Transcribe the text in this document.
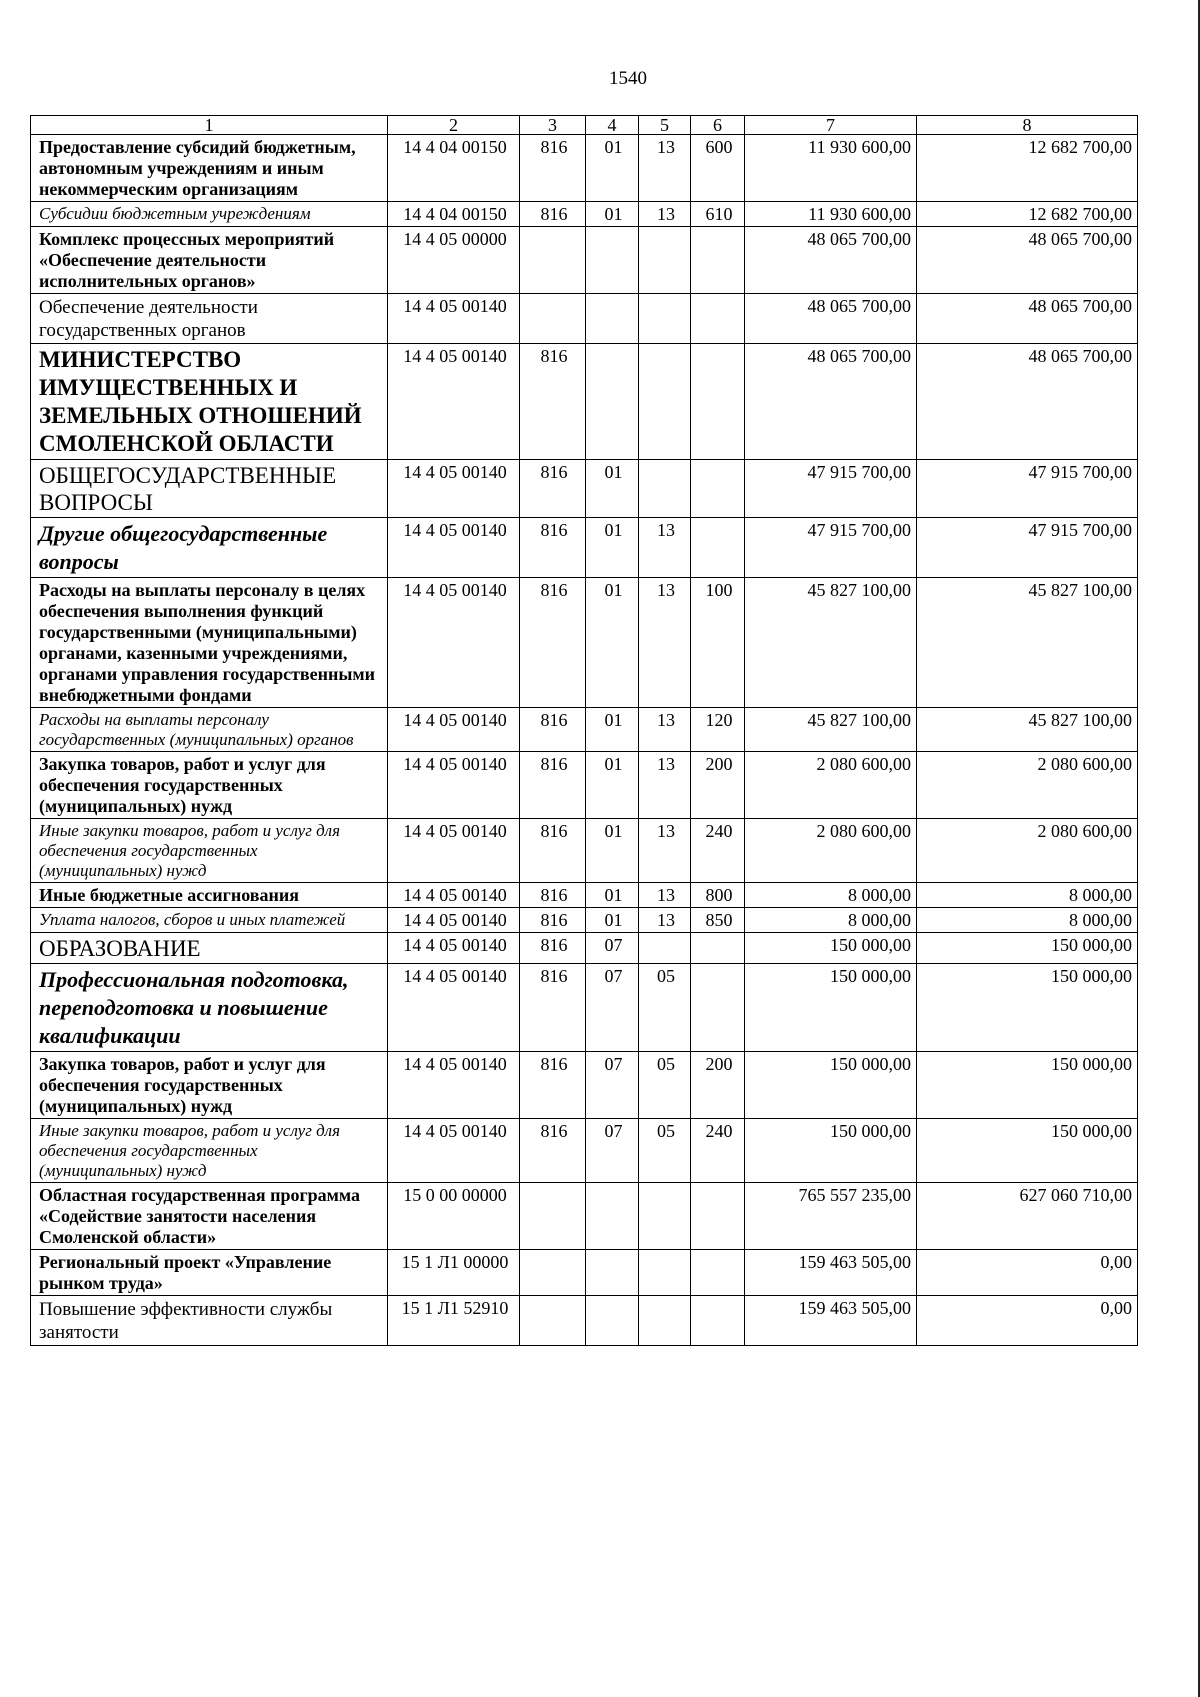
1540
1	2	3	4	5	6	7	8
Предоставление субсидий бюджетным, автономным учреждениям и иным некоммерческим организациям	14 4 04 00150	816	01	13	600	11 930 600,00	12 682 700,00
Субсидии бюджетным учреждениям	14 4 04 00150	816	01	13	610	11 930 600,00	12 682 700,00
Комплекс процессных мероприятий «Обеспечение деятельности исполнительных органов»	14 4 05 00000					48 065 700,00	48 065 700,00
Обеспечение деятельности государственных органов	14 4 05 00140					48 065 700,00	48 065 700,00
МИНИСТЕРСТВО ИМУЩЕСТВЕННЫХ И ЗЕМЕЛЬНЫХ ОТНОШЕНИЙ СМОЛЕНСКОЙ ОБЛАСТИ	14 4 05 00140	816				48 065 700,00	48 065 700,00
ОБЩЕГОСУДАРСТВЕННЫЕ ВОПРОСЫ	14 4 05 00140	816	01			47 915 700,00	47 915 700,00
Другие общегосударственные вопросы	14 4 05 00140	816	01	13		47 915 700,00	47 915 700,00
Расходы на выплаты персоналу в целях обеспечения выполнения функций государственными (муниципальными) органами, казенными учреждениями, органами управления государственными внебюджетными фондами	14 4 05 00140	816	01	13	100	45 827 100,00	45 827 100,00
Расходы на выплаты персоналу государственных (муниципальных) органов	14 4 05 00140	816	01	13	120	45 827 100,00	45 827 100,00
Закупка товаров, работ и услуг для обеспечения государственных (муниципальных) нужд	14 4 05 00140	816	01	13	200	2 080 600,00	2 080 600,00
Иные закупки товаров, работ и услуг для обеспечения государственных (муниципальных) нужд	14 4 05 00140	816	01	13	240	2 080 600,00	2 080 600,00
Иные бюджетные ассигнования	14 4 05 00140	816	01	13	800	8 000,00	8 000,00
Уплата налогов, сборов и иных платежей	14 4 05 00140	816	01	13	850	8 000,00	8 000,00
ОБРАЗОВАНИЕ	14 4 05 00140	816	07			150 000,00	150 000,00
Профессиональная подготовка, переподготовка и повышение квалификации	14 4 05 00140	816	07	05		150 000,00	150 000,00
Закупка товаров, работ и услуг для обеспечения государственных (муниципальных) нужд	14 4 05 00140	816	07	05	200	150 000,00	150 000,00
Иные закупки товаров, работ и услуг для обеспечения государственных (муниципальных) нужд	14 4 05 00140	816	07	05	240	150 000,00	150 000,00
Областная государственная программа «Содействие занятости населения Смоленской области»	15 0 00 00000					765 557 235,00	627 060 710,00
Региональный проект «Управление рынком труда»	15 1 Л1 00000					159 463 505,00	0,00
Повышение эффективности службы занятости	15 1 Л1 52910					159 463 505,00	0,00
